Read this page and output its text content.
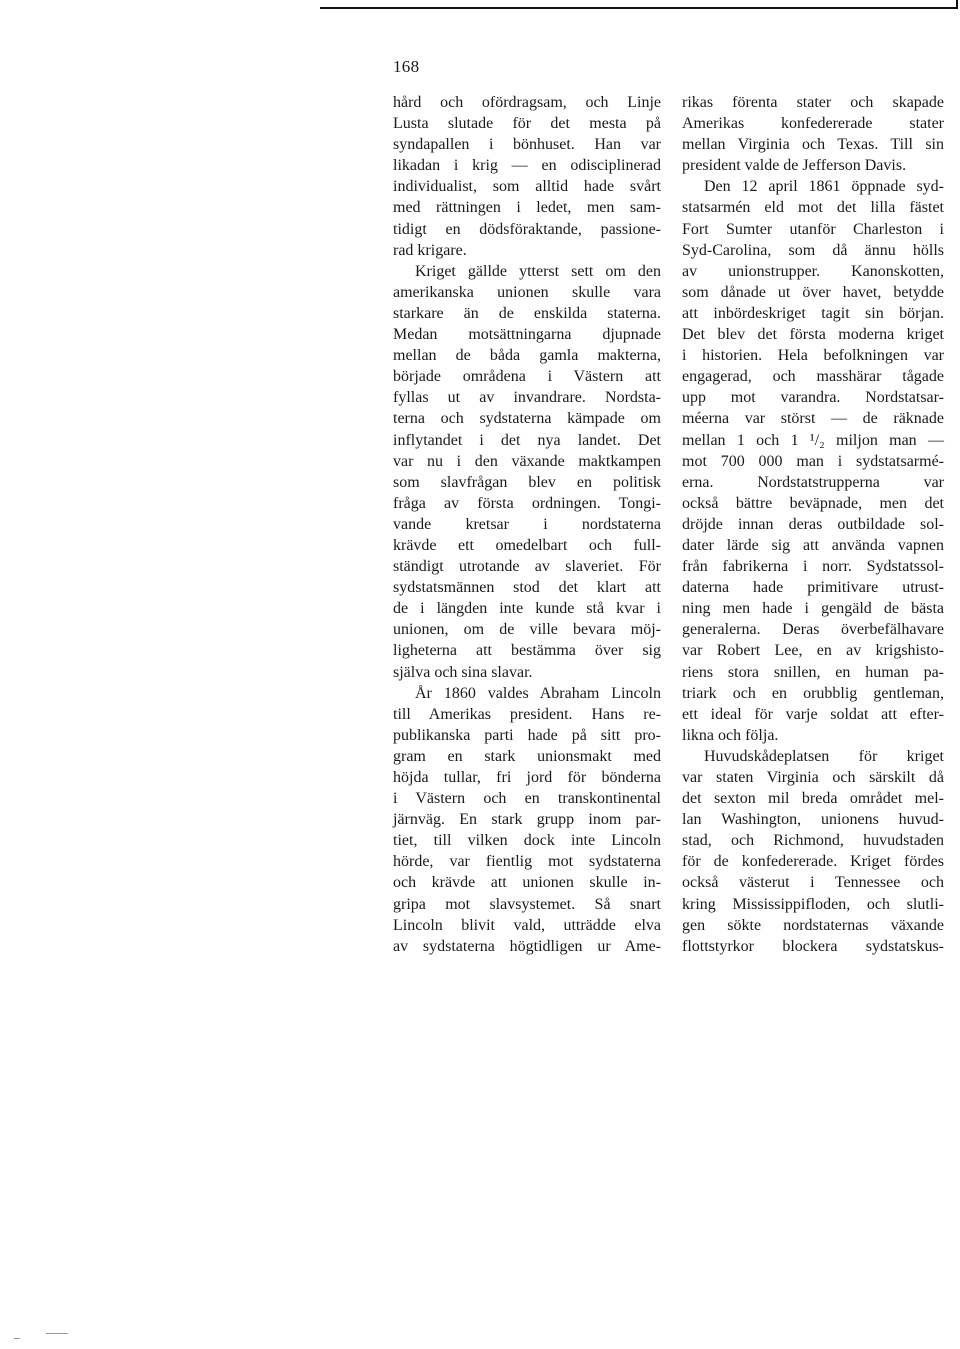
168
hård och ofördragsam, och Linje
Lusta slutade för det mesta på
syndapallen i bönhuset. Han var
likadan i krig — en odisciplinerad
individualist, som alltid hade svårt
med rättningen i ledet, men sam-
tidigt en dödsföraktande, passione-
rad krigare.
Kriget gällde ytterst sett om den
amerikanska unionen skulle vara
starkare än de enskilda staterna.
Medan motsättningarna djupnade
mellan de båda gamla makterna,
började områdena i Västern att
fyllas ut av invandrare. Nordsta-
terna och sydstaterna kämpade om
inflytandet i det nya landet. Det
var nu i den växande maktkampen
som slavfrågan blev en politisk
fråga av första ordningen. Tongi-
vande kretsar i nordstaterna
krävde ett omedelbart och full-
ständigt utrotande av slaveriet. För
sydstatsmännen stod det klart att
de i längden inte kunde stå kvar i
unionen, om de ville bevara möj-
ligheterna att bestämma över sig
själva och sina slavar.
År 1860 valdes Abraham Lincoln
till Amerikas president. Hans re-
publikanska parti hade på sitt pro-
gram en stark unionsmakt med
höjda tullar, fri jord för bönderna
i Västern och en transkontinental
järnväg. En stark grupp inom par-
tiet, till vilken dock inte Lincoln
hörde, var fientlig mot sydstaterna
och krävde att unionen skulle in-
gripa mot slavsystemet. Så snart
Lincoln blivit vald, utträdde elva
av sydstaterna högtidligen ur Ame-
rikas förenta stater och skapade
Amerikas konfedererade stater
mellan Virginia och Texas. Till sin
president valde de Jefferson Davis.
Den 12 april 1861 öppnade syd-
statsarmén eld mot det lilla fästet
Fort Sumter utanför Charleston i
Syd-Carolina, som då ännu hölls
av unionstrupper. Kanonskotten,
som dånade ut över havet, betydde
att inbördeskriget tagit sin början.
Det blev det första moderna kriget
i historien. Hela befolkningen var
engagerad, och masshärar tågade
upp mot varandra. Nordstatsar-
méerna var störst — de räknade
mellan 1 och 1 ¹/₂ miljon man —
mot 700 000 man i sydstatsarmé-
erna. Nordstatstrupperna var
också bättre beväpnade, men det
dröjde innan deras outbildade sol-
dater lärde sig att använda vapnen
från fabrikerna i norr. Sydstatssol-
daterna hade primitivare utrust-
ning men hade i gengäld de bästa
generalerna. Deras överbefälhavare
var Robert Lee, en av krigshisto-
riens stora snillen, en human pa-
triark och en orubblig gentleman,
ett ideal för varje soldat att efter-
likna och följa.
Huvudskådeplatsen för kriget
var staten Virginia och särskilt då
det sexton mil breda området mel-
lan Washington, unionens huvud-
stad, och Richmond, huvudstaden
för de konfedererade. Kriget fördes
också västerut i Tennessee och
kring Mississippifloden, och slutli-
gen sökte nordstaternas växande
flottstyrkor blockera sydstatskus-
